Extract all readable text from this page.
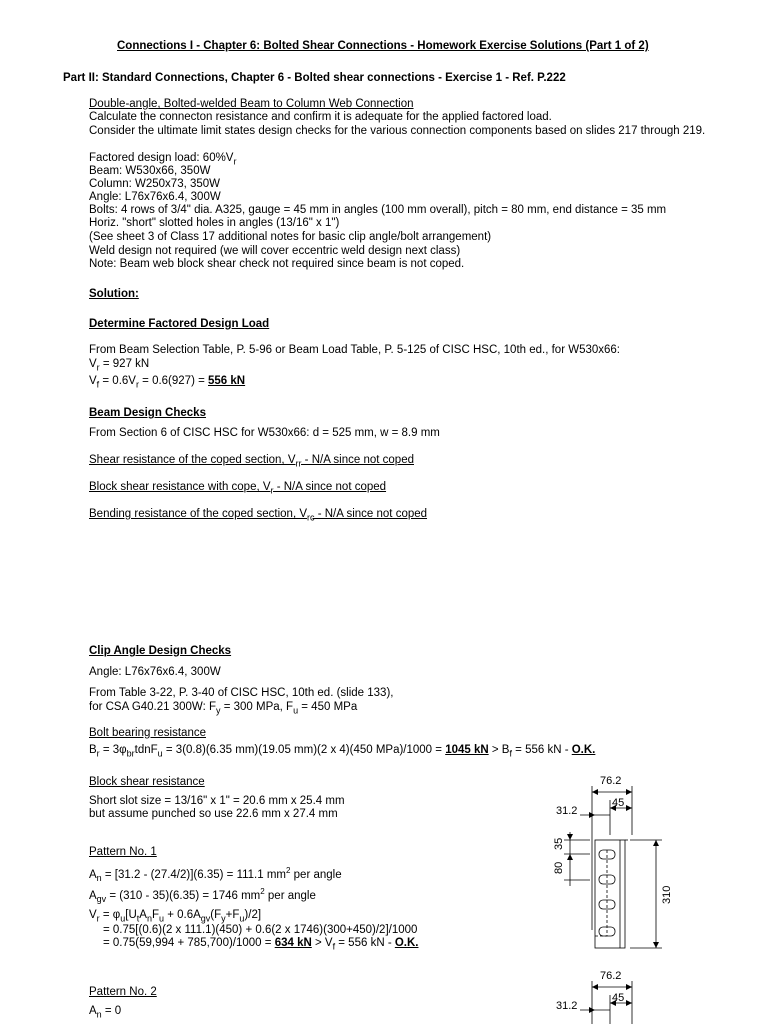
Connections I - Chapter 6: Bolted Shear Connections - Homework Exercise Solutions (Part 1 of 2)
Part II: Standard Connections, Chapter 6 - Bolted shear connections - Exercise 1 - Ref. P.222
Double-angle, Bolted-welded Beam to Column Web Connection
Calculate the connecton resistance and confirm it is adequate for the applied factored load.
Consider the ultimate limit states design checks for the various connection components based on slides 217 through 219.
Factored design load: $60\%V_r$
Beam: W530x66, 350W
Column: W250x73, 350W
Angle: L76x76x6.4, 300W
Bolts: 4 rows of 3/4" dia. A325, gauge = 45 mm in angles (100 mm overall), pitch = 80 mm, end distance = 35 mm
Horiz. "short" slotted holes in angles (13/16" x 1")
(See sheet 3 of Class 17 additional notes for basic clip angle/bolt arrangement)
Weld design not required (we will cover eccentric weld design next class)
Note: Beam web block shear check not required since beam is not coped.
Solution:
Determine Factored Design Load
From Beam Selection Table, P. 5-96 or Beam Load Table, P. 5-125 of CISC HSC, 10th ed., for W530x66:
$V_r = 927$ kN
$V_f = 0.6V_r = 0.6(927) = 556$ kN
Beam Design Checks
From Section 6 of CISC HSC for W530x66: d = 525 mm, w = 8.9 mm
Shear resistance of the coped section, $V_{rr} - N/A$ since not coped
Block shear resistance with cope, $V_r - N/A$ since not coped
Bending resistance of the coped section, $V_{rc} - N/A$ since not coped
Clip Angle Design Checks
Angle: L76x76x6.4, 300W
From Table 3-22, P. 3-40 of CISC HSC, 10th ed. (slide 133),
for CSA G40.21 300W: $F_y = 300$ MPa, $F_u = 450$ MPa
Bolt bearing resistance
$B_r$ = $3\varphi_{br}tdnF_u = 3(0.8)(6.35$ mm)(19.05 mm)(2 x 4)(450 MPa)/1000 = 1045 kN > $B_f = 556$ kN - O.K.
Block shear resistance
Short slot size = 13/16" x 1" = 20.6 mm x 25.4 mm
but assume punched so use 22.6 mm x 27.4 mm
Pattern No. 1
$A_n = [31.2 - (27.4/2)](6.35) = 111.1$ $mm^2$ per angle
$A_{gv} = (310 - 35)(6.35) = 1746$ $mm^2$ per angle
$V_r = \varphi_u[U_tA_nF_u + 0.6A_{gv}(F_y+F_u)/2]$
= 0.75[(0.6)(2 x 111.1)(450) + 0.6(2 x 1746)(300+450)/2]/1000
= 0.75(59,994 + 785,700)/1000 = 634 kN > $V_f = 556$ kN - O.K.
Pattern No. 2
$A_n = 0$
76.2
45
31.2
80
35
310
76.2
45
31.2
